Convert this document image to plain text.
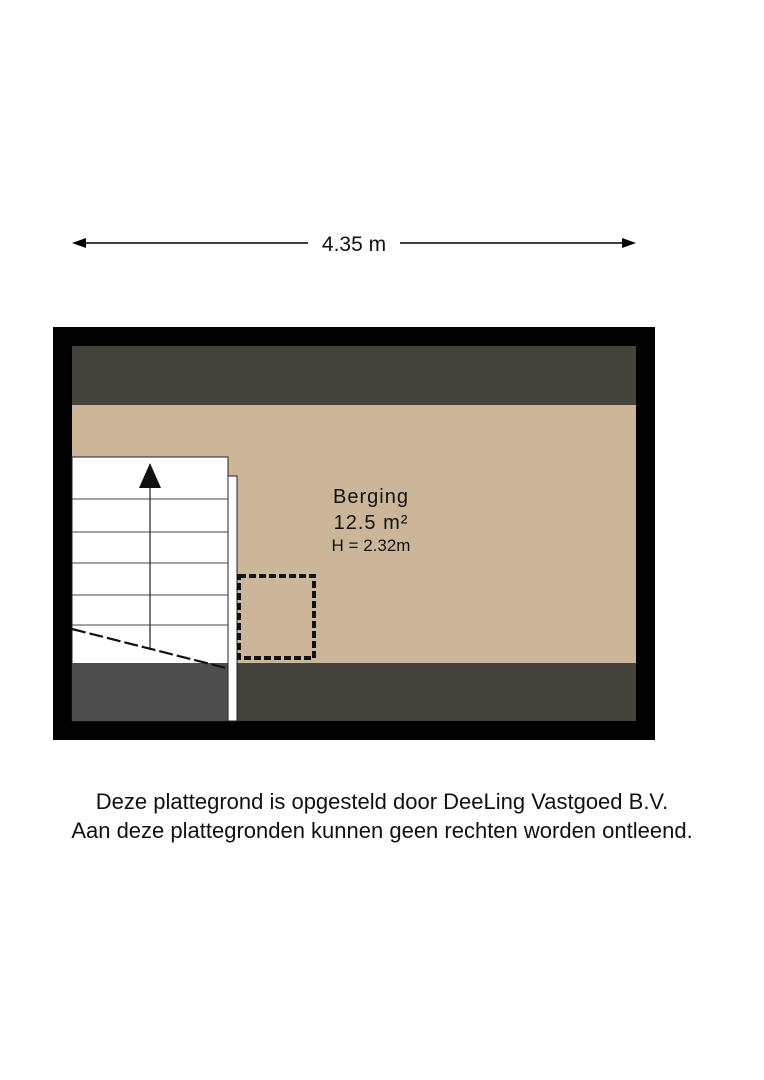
4.35 m
Berging
12.5 m²
H = 2.32m
Deze plattegrond is opgesteld door DeeLing Vastgoed B.V.
Aan deze plattegronden kunnen geen rechten worden ontleend.
